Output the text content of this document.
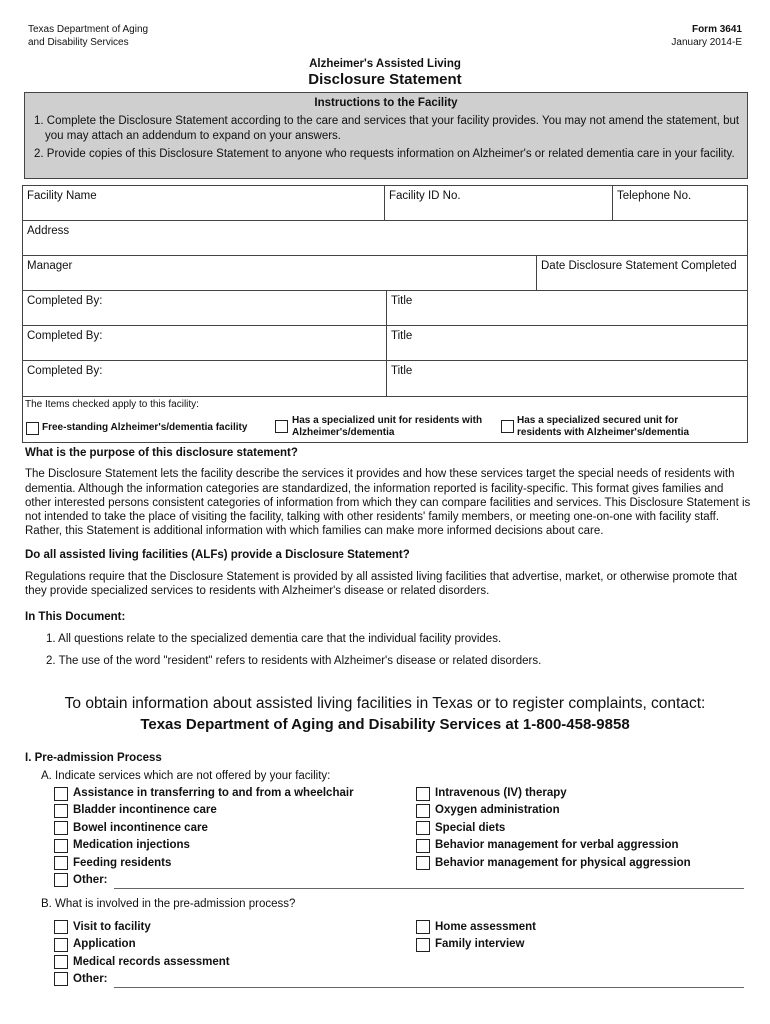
Texas Department of Aging
and Disability Services
Form 3641
January 2014-E
Alzheimer's Assisted Living
Disclosure Statement
Instructions to the Facility
1. Complete the Disclosure Statement according to the care and services that your facility provides. You may not amend the statement, but
you may attach an addendum to expand on your answers.
2. Provide copies of this Disclosure Statement to anyone who requests information on Alzheimer's or related dementia care in your facility.
Facility Name	Facility ID No.	Telephone No.
Address
Manager	Date Disclosure Statement Completed
Completed By:	Title
Completed By:	Title
Completed By:	Title
The Items checked apply to this facility:
Free-standing Alzheimer's/dementia facility
Has a specialized unit for residents with
Alzheimer's/dementia
Has a specialized secured unit for
residents with Alzheimer's/dementia
What is the purpose of this disclosure statement?
The Disclosure Statement lets the facility describe the services it provides and how these services target the special needs of residents with
dementia. Although the information categories are standardized, the information reported is facility-specific. This format gives families and
other interested persons consistent categories of information from which they can compare facilities and services. This Disclosure Statement is
not intended to take the place of visiting the facility, talking with other residents' family members, or meeting one-on-one with facility staff.
Rather, this Statement is additional information with which families can make more informed decisions about care.
Do all assisted living facilities (ALFs) provide a Disclosure Statement?
Regulations require that the Disclosure Statement is provided by all assisted living facilities that advertise, market, or otherwise promote that
they provide specialized services to residents with Alzheimer's disease or related disorders.
In This Document:
1. All questions relate to the specialized dementia care that the individual facility provides.
2. The use of the word "resident" refers to residents with Alzheimer's disease or related disorders.
To obtain information about assisted living facilities in Texas or to register complaints, contact:
Texas Department of Aging and Disability Services at 1-800-458-9858
I. Pre-admission Process
A. Indicate services which are not offered by your facility:
Assistance in transferring to and from a wheelchair
Bladder incontinence care
Bowel incontinence care
Medication injections
Feeding residents
Other:
Intravenous (IV) therapy
Oxygen administration
Special diets
Behavior management for verbal aggression
Behavior management for physical aggression
B. What is involved in the pre-admission process?
Visit to facility
Application
Medical records assessment
Other:
Home assessment
Family interview
